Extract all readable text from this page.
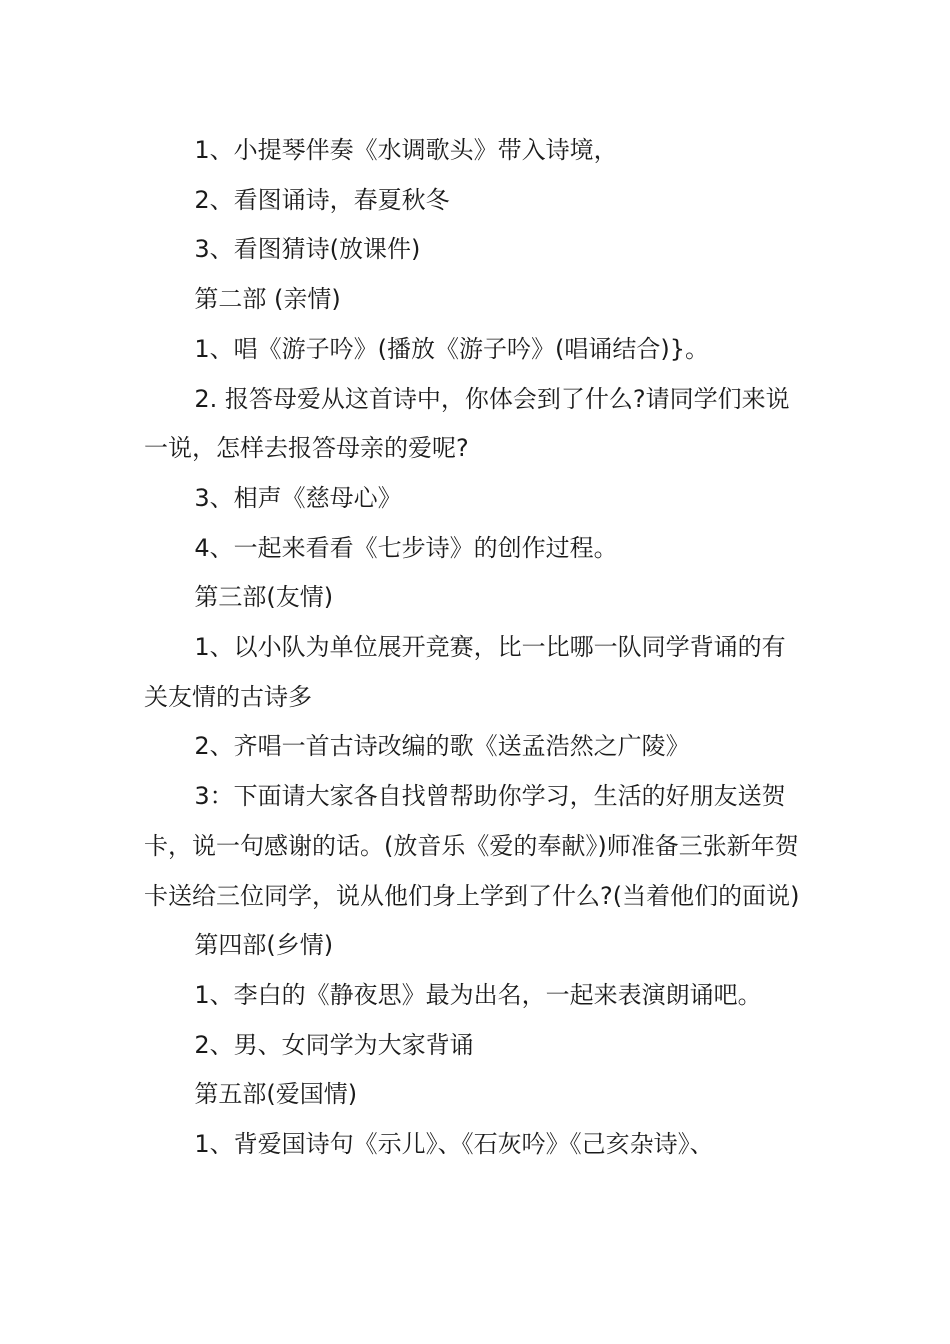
1、小提琴伴奏《水调歌头》带入诗境，

2、看图诵诗，春夏秋冬

3、看图猜诗(放课件)

第二部 (亲情)

1、唱《游子吟》(播放《游子吟》(唱诵结合)}。

2. 报答母爱从这首诗中，你体会到了什么?请同学们来说一说，怎样去报答母亲的爱呢?

3、相声《慈母心》

4、一起来看看《七步诗》的创作过程。

第三部(友情)

1、以小队为单位展开竞赛，比一比哪一队同学背诵的有关友情的古诗多

2、齐唱一首古诗改编的歌《送孟浩然之广陵》

3：下面请大家各自找曾帮助你学习，生活的好朋友送贺卡，说一句感谢的话。(放音乐《爱的奉献》)师准备三张新年贺卡送给三位同学，说从他们身上学到了什么?(当着他们的面说)

第四部(乡情)

1、李白的《静夜思》最为出名，一起来表演朗诵吧。

2、男、女同学为大家背诵

第五部(爱国情)

1、背爱国诗句《示儿》、《石灰吟》《己亥杂诗》、
